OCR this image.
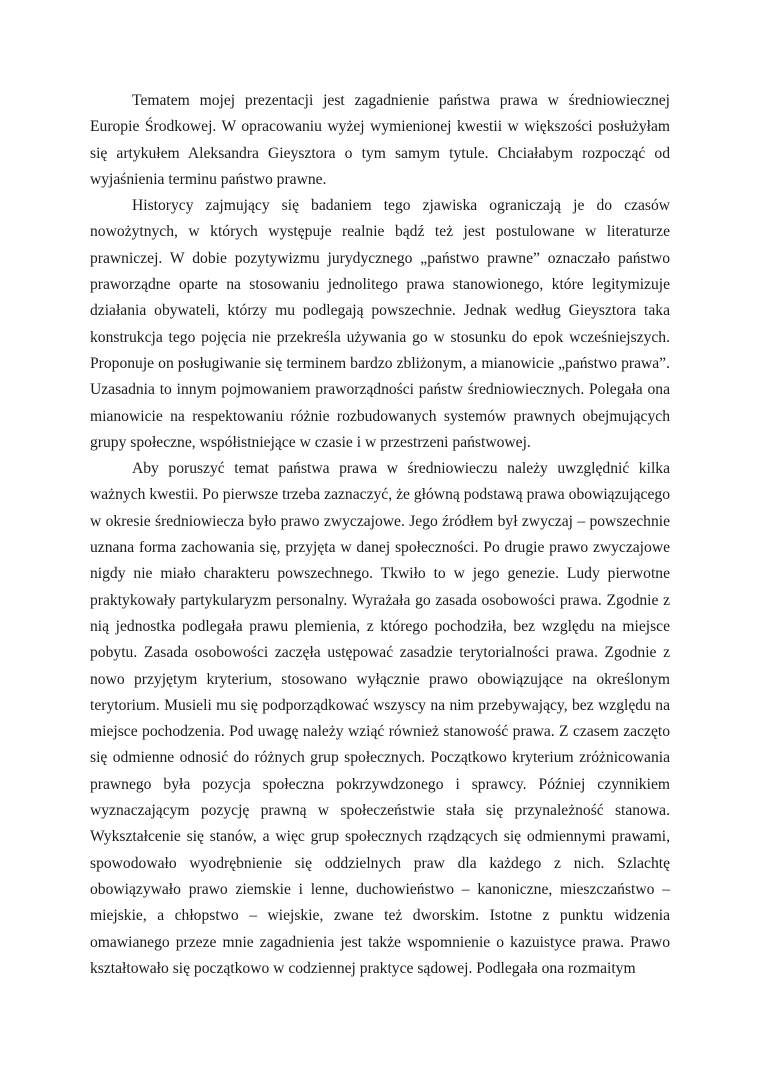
Tematem mojej prezentacji jest zagadnienie państwa prawa w średniowiecznej Europie Środkowej. W opracowaniu wyżej wymienionej kwestii w większości posłużyłam się artykułem Aleksandra Gieysztora o tym samym tytule. Chciałabym rozpocząć od wyjaśnienia terminu państwo prawne.

Historycy zajmujący się badaniem tego zjawiska ograniczają je do czasów nowożytnych, w których występuje realnie bądź też jest postulowane w literaturze prawniczej. W dobie pozytywizmu jurydycznego „państwo prawne” oznaczało państwo praworządne oparte na stosowaniu jednolitego prawa stanowionego, które legitymizuje działania obywateli, którzy mu podlegają powszechnie. Jednak według Gieysztora taka konstrukcja tego pojęcia nie przekreśla używania go w stosunku do epok wcześniejszych. Proponuje on posługiwanie się terminem bardzo zbliżonym, a mianowicie „państwo prawa”. Uzasadnia to innym pojmowaniem praworządności państw średniowiecznych. Polegała ona mianowicie na respektowaniu różnie rozbudowanych systemów prawnych obejmujących grupy społeczne, współistniejące w czasie i w przestrzeni państwowej.

Aby poruszyć temat państwa prawa w średniowieczu należy uwzględnić kilka ważnych kwestii. Po pierwsze trzeba zaznaczyć, że główną podstawą prawa obowiązującego w okresie średniowiecza było prawo zwyczajowe. Jego źródłem był zwyczaj – powszechnie uznana forma zachowania się, przyjęta w danej społeczności. Po drugie prawo zwyczajowe nigdy nie miało charakteru powszechnego. Tkwiło to w jego genezie. Ludy pierwotne praktykowały partykularyzm personalny. Wyrażała go zasada osobowości prawa. Zgodnie z nią jednostka podlegała prawu plemienia, z którego pochodziła, bez względu na miejsce pobytu. Zasada osobowości zaczęła ustępować zasadzie terytorialności prawa. Zgodnie z nowo przyjętym kryterium, stosowano wyłącznie prawo obowiązujące na określonym terytorium. Musieli mu się podporządkować wszyscy na nim przebywający, bez względu na miejsce pochodzenia. Pod uwagę należy wziąć również stanowość prawa. Z czasem zaczęto się odmienne odnosić do różnych grup społecznych. Początkowo kryterium zróżnicowania prawnego była pozycja społeczna pokrzywdzonego i sprawcy. Później czynnikiem wyznaczającym pozycję prawną w społeczeństwie stała się przynależność stanowa. Wykształcenie się stanów, a więc grup społecznych rządzących się odmiennymi prawami, spowodowało wyodrębnienie się oddzielnych praw dla każdego z nich. Szlachtę obowiązywało prawo ziemskie i lenne, duchowieństwo – kanoniczne, mieszczaństwo – miejskie, a chłopstwo – wiejskie, zwane też dworskim. Istotne z punktu widzenia omawianego przeze mnie zagadnienia jest także wspomnienie o kazuistyce prawa. Prawo kształtowało się początkowo w codziennej praktyce sądowej. Podlegała ona rozmaitym
